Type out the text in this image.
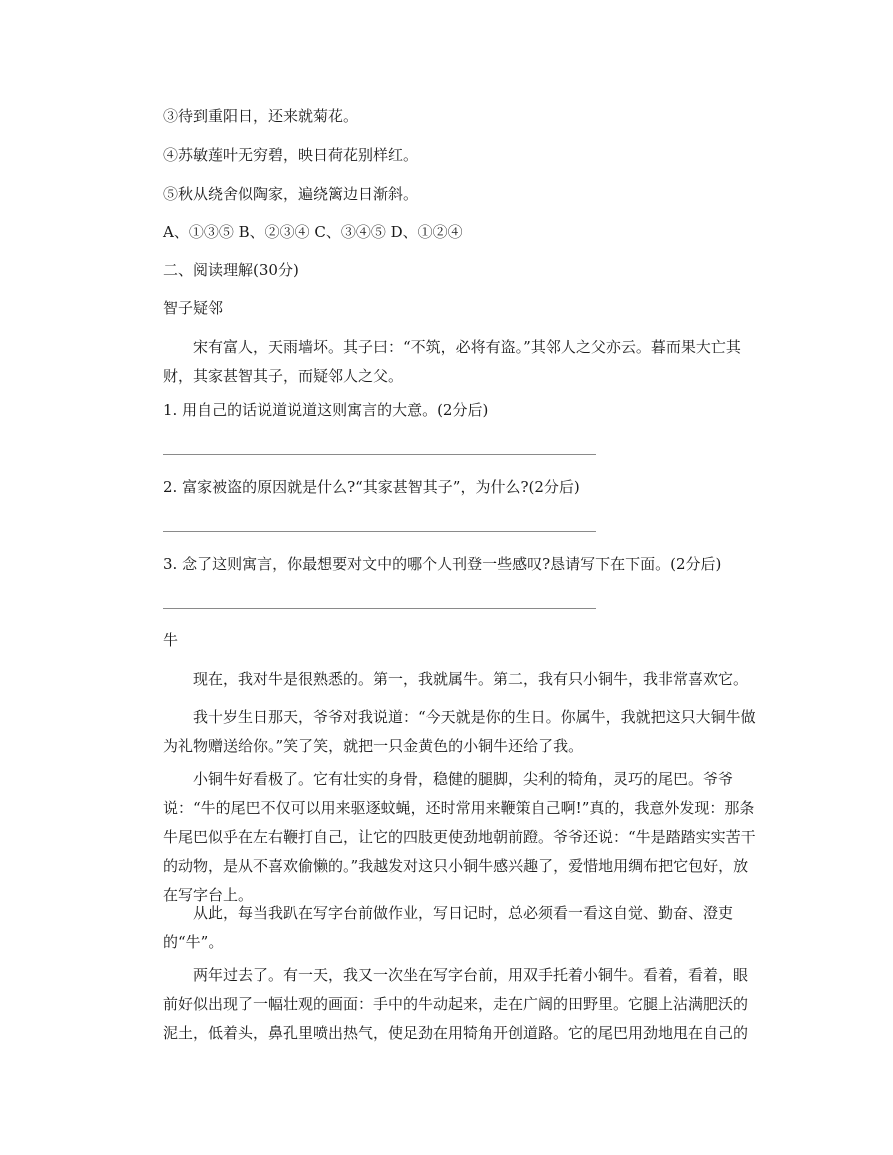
③待到重阳日，还来就菊花。
④苏敏莲叶无穷碧，映日荷花别样红。
⑤秋从绕舍似陶家，遍绕篱边日渐斜。
A、①③⑤ B、②③④ C、③④⑤ D、①②④
二、阅读理解(30分)
智子疑邻
宋有富人，天雨墙坏。其子曰：“不筑，必将有盗。”其邻人之父亦云。暮而果大亡其财，其家甚智其子，而疑邻人之父。
1. 用自己的话说道说道这则寓言的大意。(2分后)
2. 富家被盗的原因就是什么?“其家甚智其子”，为什么?(2分后)
3. 念了这则寓言，你最想要对文中的哪个人刊登一些感叹?恳请写下在下面。(2分后)
牛
现在，我对牛是很熟悉的。第一，我就属牛。第二，我有只小铜牛，我非常喜欢它。
我十岁生日那天，爷爷对我说道：“今天就是你的生日。你属牛，我就把这只大铜牛做为礼物赠送给你。”笑了笑，就把一只金黄色的小铜牛还给了我。
小铜牛好看极了。它有壮实的身骨，稳健的腿脚，尖利的犄角，灵巧的尾巴。爷爷说：“牛的尾巴不仅可以用来驱逐蚊蝇，还时常用来鞭策自己啊!”真的，我意外发现：那条牛尾巴似乎在左右鞭打自己，让它的四肢更使劲地朝前蹬。爷爷还说：“牛是踏踏实实苦干的动物，是从不喜欢偷懒的。”我越发对这只小铜牛感兴趣了，爱惜地用绸布把它包好，放在写字台上。
从此，每当我趴在写字台前做作业，写日记时，总必须看一看这自觉、勤奋、澄吏的“牛”。
两年过去了。有一天，我又一次坐在写字台前，用双手托着小铜牛。看着，看着，眼前好似出现了一幅壮观的画面：手中的牛动起来，走在广阔的田野里。它腿上沾满肥沃的泥土，低着头，鼻孔里喷出热气，使足劲在用犄角开创道路。它的尾巴用劲地甩在自己的
